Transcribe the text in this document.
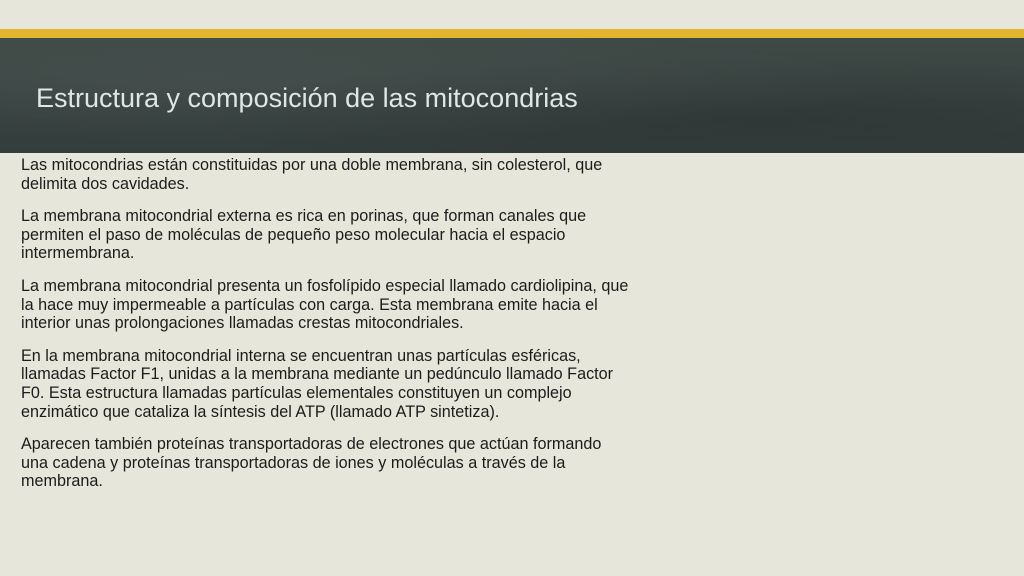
Estructura y composición de las mitocondrias

Las mitocondrias están constituidas por una doble membrana, sin colesterol, que delimita dos cavidades.

La membrana mitocondrial externa es rica en porinas, que forman canales que permiten el paso de moléculas de pequeño peso molecular hacia el espacio intermembrana.

La membrana mitocondrial presenta un fosfolípido especial llamado cardiolipina, que la hace muy impermeable a partículas con carga. Esta membrana emite hacia el interior unas prolongaciones llamadas crestas mitocondriales.

En la membrana mitocondrial interna se encuentran unas partículas esféricas, llamadas Factor F1, unidas a la membrana mediante un pedúnculo llamado Factor F0. Esta estructura llamadas partículas elementales constituyen un complejo enzimático que cataliza la síntesis del ATP (llamado ATP sintetiza).

Aparecen también proteínas transportadoras de electrones que actúan formando una cadena y proteínas transportadoras de iones y moléculas a través de la membrana.
